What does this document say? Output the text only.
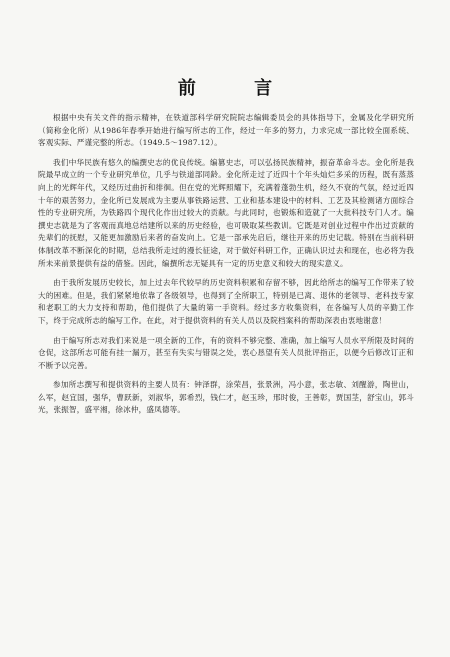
前 言

根据中央有关文件的指示精神，在铁道部科学研究院院志编辑委员会的具体指导下，金属及化学研究所（简称金化所）从1986年春季开始进行编写所志的工作，经过一年多的努力，力求完成一部比较全面系统、客观实际、严谨完整的所志。（1949.5～1987.12）。

我们中华民族有悠久的编撰史志的优良传统。编篡史志，可以弘扬民族精神，振奋革命斗志。金化所是我院最早成立的一个专业研究单位，几乎与铁道部同龄。金化所走过了近四十个年头灿烂多采的历程，既有蒸蒸向上的光辉年代，又经历过曲折和徘徊。但在党的光辉照耀下，充满着蓬勃生机，经久不衰的气氛，经过近四十年的艰苦努力，金化所已发展成为主要从事铁路运营、工业和基本建设中的材料、工艺及其检测诸方面综合性的专业研究所，为铁路四个现代化作出过较大的贡献。与此同时，也锻炼和造就了一大批科技专门人才。编撰史志就是为了客观而真地总结建所以来的历史经验，也可吸取某些教训。它既是对创业过程中作出过贡献的先辈们的抚慰，又能更加激励后来者的奋发向上。它是一部承先启后，继往开来的历史记载。特别在当前科研体制改革不断深化的时期，总结我所走过的漫长征途，对于做好科研工作，正确认识过去和现在，也必将为我所未来前景提供有益的借鉴。因此，编撰所志无疑具有一定的历史意义和较大的现实意义。

由于我所发展历史较长，加上过去年代较早的历史资料积累和存留不够，因此给所志的编写工作带来了较大的困难。但是，我们紧紧地依靠了各级领导，也得到了全所职工，特别是已离、退休的老领导、老科技专家和老职工的大力支持和帮助，他们提供了大量的第一手资料。经过多方收集资料，在各编写人员的辛勤工作下，终于完成所志的编写工作。在此，对于提供资料的有关人员以及院档案科的帮助深表由衷地谢意！

由于编写所志对我们来说是一项全新的工作，有的资料不够完整、准确，加上编写人员水平所限及时间的仓促，这部所志可能有挂一漏万，甚至有失实与错误之处，衷心恳望有关人员批评指正，以便今后修改订正和不断予以完善。

参加所志撰写和提供资料的主要人员有：钟泽群，涂荣昌，张景洲，冯小意，张志敏、刘醒游，陶世山，么军，赵宜国，强华，曹跃新，刘淑华，郭希烈，钱仁才，赵玉珍，邢时俊，王善彰，贾国茎，舒宝山，郭斗光，张振智，盛平湘，徐冰仲，盛凤德等。
